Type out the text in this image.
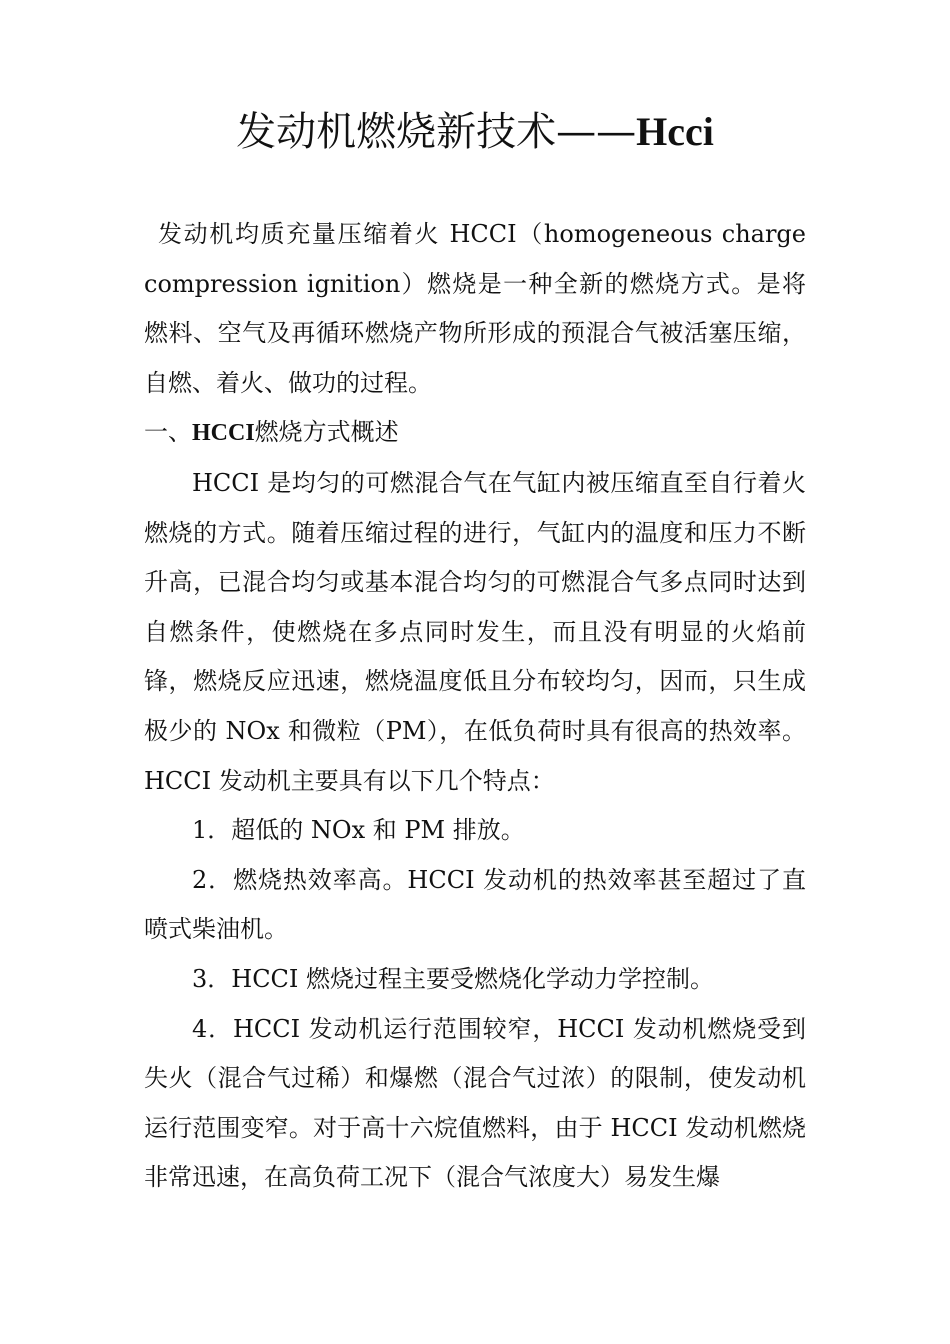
发动机燃烧新技术——Hcci

发动机均质充量压缩着火 HCCI（homogeneous charge compression ignition）燃烧是一种全新的燃烧方式。是将燃料、空气及再循环燃烧产物所形成的预混合气被活塞压缩，自燃、着火、做功的过程。

一、HCCI燃烧方式概述

HCCI 是均匀的可燃混合气在气缸内被压缩直至自行着火燃烧的方式。随着压缩过程的进行，气缸内的温度和压力不断升高，已混合均匀或基本混合均匀的可燃混合气多点同时达到自燃条件，使燃烧在多点同时发生，而且没有明显的火焰前锋，燃烧反应迅速，燃烧温度低且分布较均匀，因而，只生成极少的 NOx 和微粒（PM），在低负荷时具有很高的热效率。HCCI 发动机主要具有以下几个特点：

1．超低的 NOx 和 PM 排放。

2．燃烧热效率高。HCCI 发动机的热效率甚至超过了直喷式柴油机。

3．HCCI 燃烧过程主要受燃烧化学动力学控制。

4．HCCI 发动机运行范围较窄，HCCI 发动机燃烧受到失火（混合气过稀）和爆燃（混合气过浓）的限制，使发动机运行范围变窄。对于高十六烷值燃料，由于 HCCI 发动机燃烧非常迅速，在高负荷工况下（混合气浓度大）易发生爆
